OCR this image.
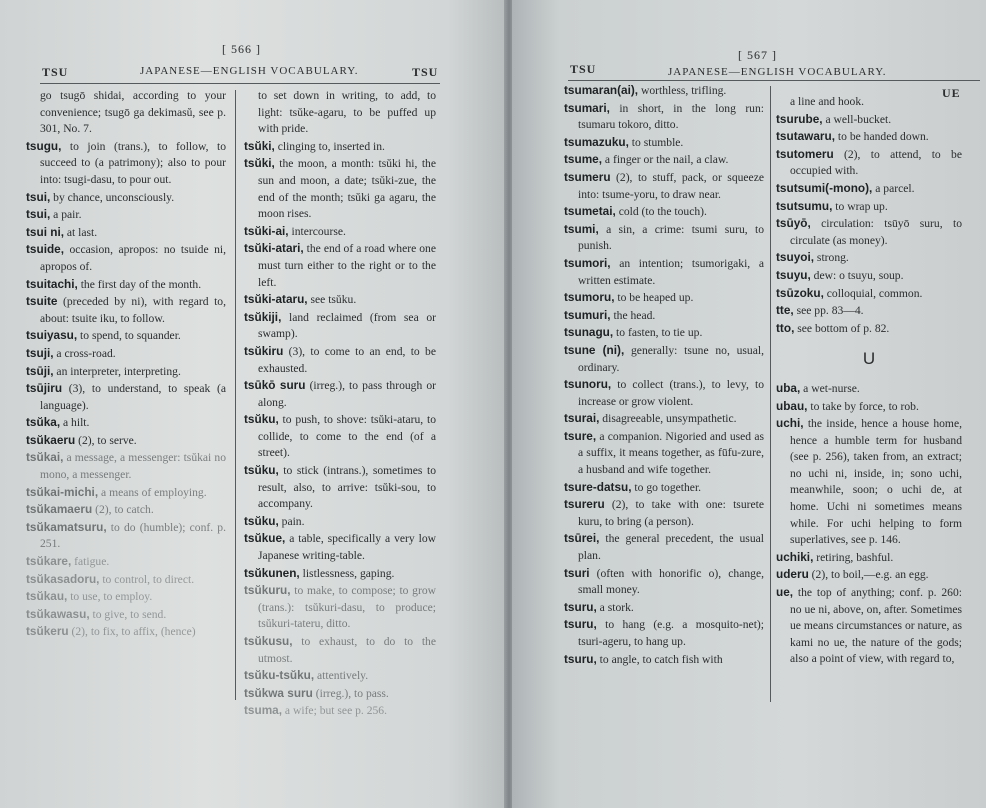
[ 566 ]
TSU	JAPANESE—ENGLISH VOCABULARY.	TSU

go tsugō shidai, according to your convenience; tsugō ga dekimasŭ, see p. 301, No. 7.

tsugu, to join (trans.), to follow, to succeed to (a patrimony); also to pour into: tsugi-dasu, to pour out.

tsui, by chance, unconsciously.

tsui, a pair.

tsui ni, at last.

tsuide, occasion, apropos: no tsuide ni, apropos of.

tsuitachi, the first day of the month.

tsuite (preceded by ni), with regard to, about: tsuite iku, to follow.

tsuiyasu, to spend, to squander.

tsuji, a cross-road.

tsūji, an interpreter, interpreting.

tsūjiru (3), to understand, to speak (a language).

tsŭka, a hilt.

tsŭkaeru (2), to serve.

tsŭkai, a message, a messenger: tsŭkai no mono, a messenger.

tsŭkai-michi, a means of employing.

tsŭkamaeru (2), to catch.

tsŭkamatsuru, to do (humble); conf. p. 251.

tsŭkare, fatigue.

tsŭkasadoru, to control, to direct.

tsŭkau, to use, to employ.

tsŭkawasu, to give, to send.

tsŭkeru (2), to fix, to affix, (hence)

to set down in writing, to add, to light: tsŭke-agaru, to be puffed up with pride.

tsŭki, clinging to, inserted in.

tsŭki, the moon, a month: tsŭki hi, the sun and moon, a date; tsŭki-zue, the end of the month; tsŭki ga agaru, the moon rises.

tsŭki-ai, intercourse.

tsŭki-atari, the end of a road where one must turn either to the right or to the left.

tsŭki-ataru, see tsŭku.

tsŭkiji, land reclaimed (from sea or swamp).

tsŭkiru (3), to come to an end, to be exhausted.

tsūkō suru (irreg.), to pass through or along.

tsŭku, to push, to shove: tsŭki-ataru, to collide, to come to the end (of a street).

tsŭku, to stick (intrans.), sometimes to result, also, to arrive: tsŭki-sou, to accompany.

tsŭku, pain.

tsŭkue, a table, specifically a very low Japanese writing-table.

tsŭkunen, listlessness, gaping.

tsŭkuru, to make, to compose; to grow (trans.): tsŭkuri-dasu, to produce; tsŭkuri-tateru, ditto.

tsŭkusu, to exhaust, to do to the utmost.

tsŭku-tsŭku, attentively.

tsŭkwa suru (irreg.), to pass.

tsuma, a wife; but see p. 256.

[ 567 ]
TSU	JAPANESE—ENGLISH VOCABULARY.
UE

tsumaran(ai), worthless, trifling.

tsumari, in short, in the long run: tsumaru tokoro, ditto.

tsumazuku, to stumble.

tsume, a finger or the nail, a claw.

tsumeru (2), to stuff, pack, or squeeze into: tsume-yoru, to draw near.

tsumetai, cold (to the touch).

tsumi, a sin, a crime: tsumi suru, to punish.

tsumori, an intention; tsumorigaki, a written estimate.

tsumoru, to be heaped up.

tsumuri, the head.

tsunagu, to fasten, to tie up.

tsune (ni), generally: tsune no, usual, ordinary.

tsunoru, to collect (trans.), to levy, to increase or grow violent.

tsurai, disagreeable, unsympathetic.

tsure, a companion. Nigoried and used as a suffix, it means together, as fūfu-zure, a husband and wife together.

tsure-datsu, to go together.

tsureru (2), to take with one: tsurete kuru, to bring (a person).

tsūrei, the general precedent, the usual plan.

tsuri (often with honorific o), change, small money.

tsuru, a stork.

tsuru, to hang (e.g. a mosquito-net); tsuri-ageru, to hang up.

tsuru, to angle, to catch fish with

a line and hook.

tsurube, a well-bucket.

tsutawaru, to be handed down.

tsutomeru (2), to attend, to be occupied with.

tsutsumi(-mono), a parcel.

tsutsumu, to wrap up.

tsūyō, circulation: tsūyō suru, to circulate (as money).

tsuyoi, strong.

tsuyu, dew: o tsuyu, soup.

tsūzoku, colloquial, common.

tte, see pp. 83—4.

tto, see bottom of p. 82.

U

uba, a wet-nurse.

ubau, to take by force, to rob.

uchi, the inside, hence a house home, hence a humble term for husband (see p. 256), taken from, an extract; no uchi ni, inside, in; sono uchi, meanwhile, soon; o uchi de, at home. Uchi ni sometimes means while. For uchi helping to form superlatives, see p. 146.

uchiki, retiring, bashful.

uderu (2), to boil,—e.g. an egg.

ue, the top of anything; conf. p. 260: no ue ni, above, on, after. Sometimes ue means circumstances or nature, as kami no ue, the nature of the gods; also a point of view, with regard to,
